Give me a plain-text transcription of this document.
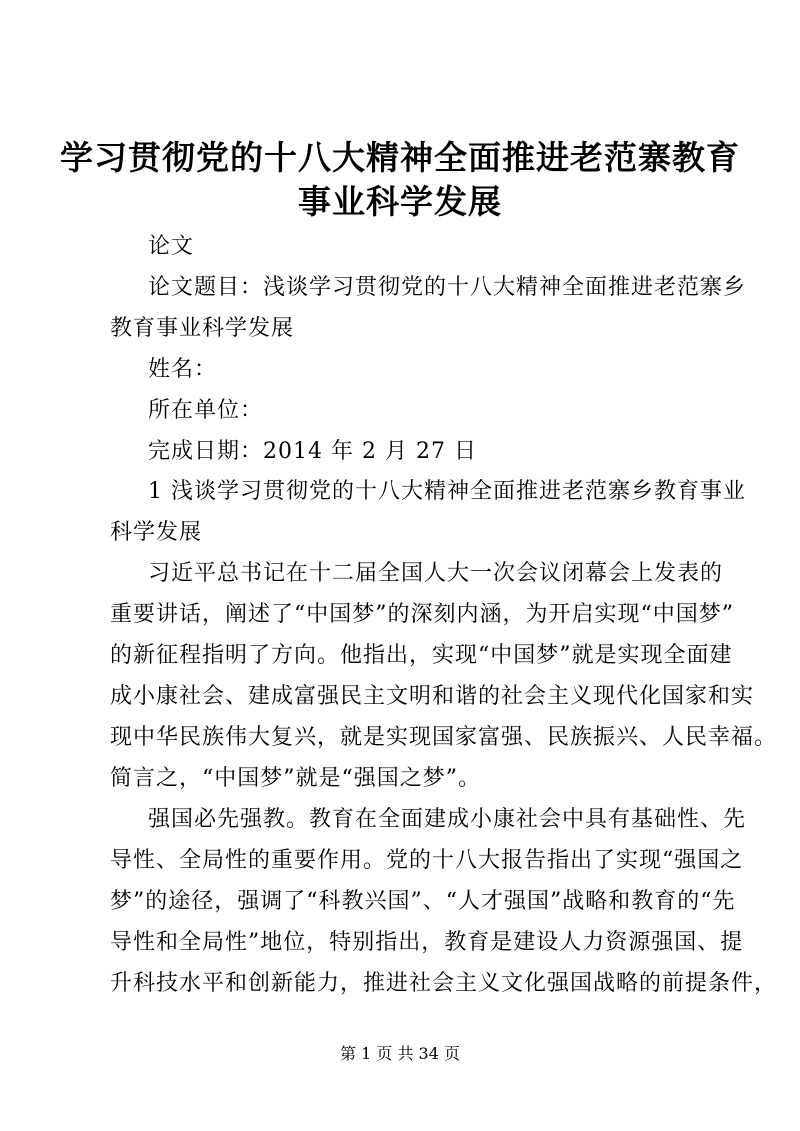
学习贯彻党的十八大精神全面推进老范寨教育
事业科学发展
论文
论文题目：浅谈学习贯彻党的十八大精神全面推进老范寨乡
教育事业科学发展
姓名：
所在单位：
完成日期：2014 年 2 月 27 日
1 浅谈学习贯彻党的十八大精神全面推进老范寨乡教育事业
科学发展
习近平总书记在十二届全国人大一次会议闭幕会上发表的
重要讲话，阐述了“中国梦”的深刻内涵，为开启实现“中国梦”
的新征程指明了方向。他指出，实现“中国梦”就是实现全面建
成小康社会、建成富强民主文明和谐的社会主义现代化国家和实
现中华民族伟大复兴，就是实现国家富强、民族振兴、人民幸福。
简言之，“中国梦”就是“强国之梦”。
强国必先强教。教育在全面建成小康社会中具有基础性、先
导性、全局性的重要作用。党的十八大报告指出了实现“强国之
梦”的途径，强调了“科教兴国”、“人才强国”战略和教育的“先
导性和全局性”地位，特别指出，教育是建设人力资源强国、提
升科技水平和创新能力，推进社会主义文化强国战略的前提条件，
第 1 页 共 34 页
